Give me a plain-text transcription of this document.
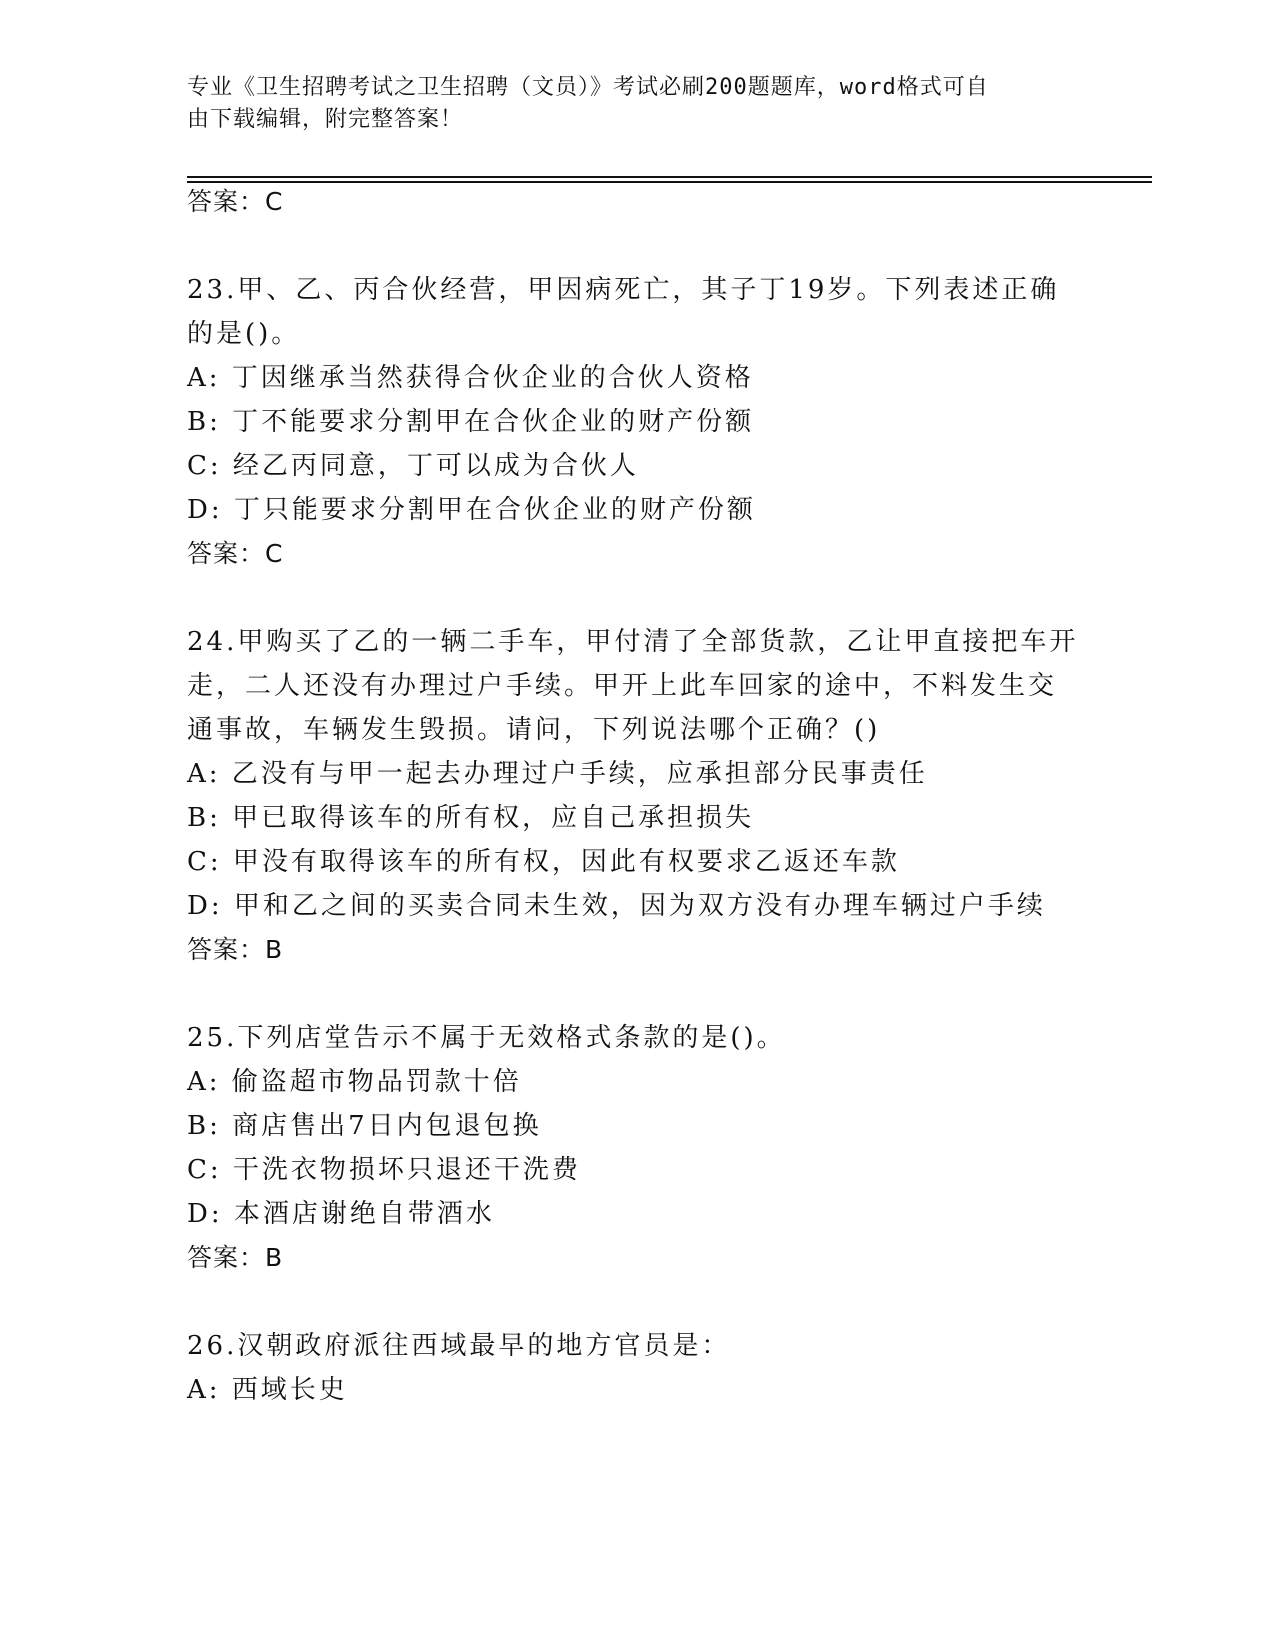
专业《卫生招聘考试之卫生招聘（文员）》考试必刷200题题库，word格式可自
由下载编辑，附完整答案！
答案：C
23.甲、乙、丙合伙经营，甲因病死亡，其子丁19岁。下列表述正确
的是()。
A: 丁因继承当然获得合伙企业的合伙人资格
B: 丁不能要求分割甲在合伙企业的财产份额
C: 经乙丙同意，丁可以成为合伙人
D: 丁只能要求分割甲在合伙企业的财产份额
答案：C
24.甲购买了乙的一辆二手车，甲付清了全部货款，乙让甲直接把车开
走，二人还没有办理过户手续。甲开上此车回家的途中，不料发生交
通事故，车辆发生毁损。请问，下列说法哪个正确？()
A: 乙没有与甲一起去办理过户手续，应承担部分民事责任
B: 甲已取得该车的所有权，应自己承担损失
C: 甲没有取得该车的所有权，因此有权要求乙返还车款
D: 甲和乙之间的买卖合同未生效，因为双方没有办理车辆过户手续
答案：B
25.下列店堂告示不属于无效格式条款的是()。
A: 偷盗超市物品罚款十倍
B: 商店售出7日内包退包换
C: 干洗衣物损坏只退还干洗费
D: 本酒店谢绝自带酒水
答案：B
26.汉朝政府派往西域最早的地方官员是：
A: 西域长史
